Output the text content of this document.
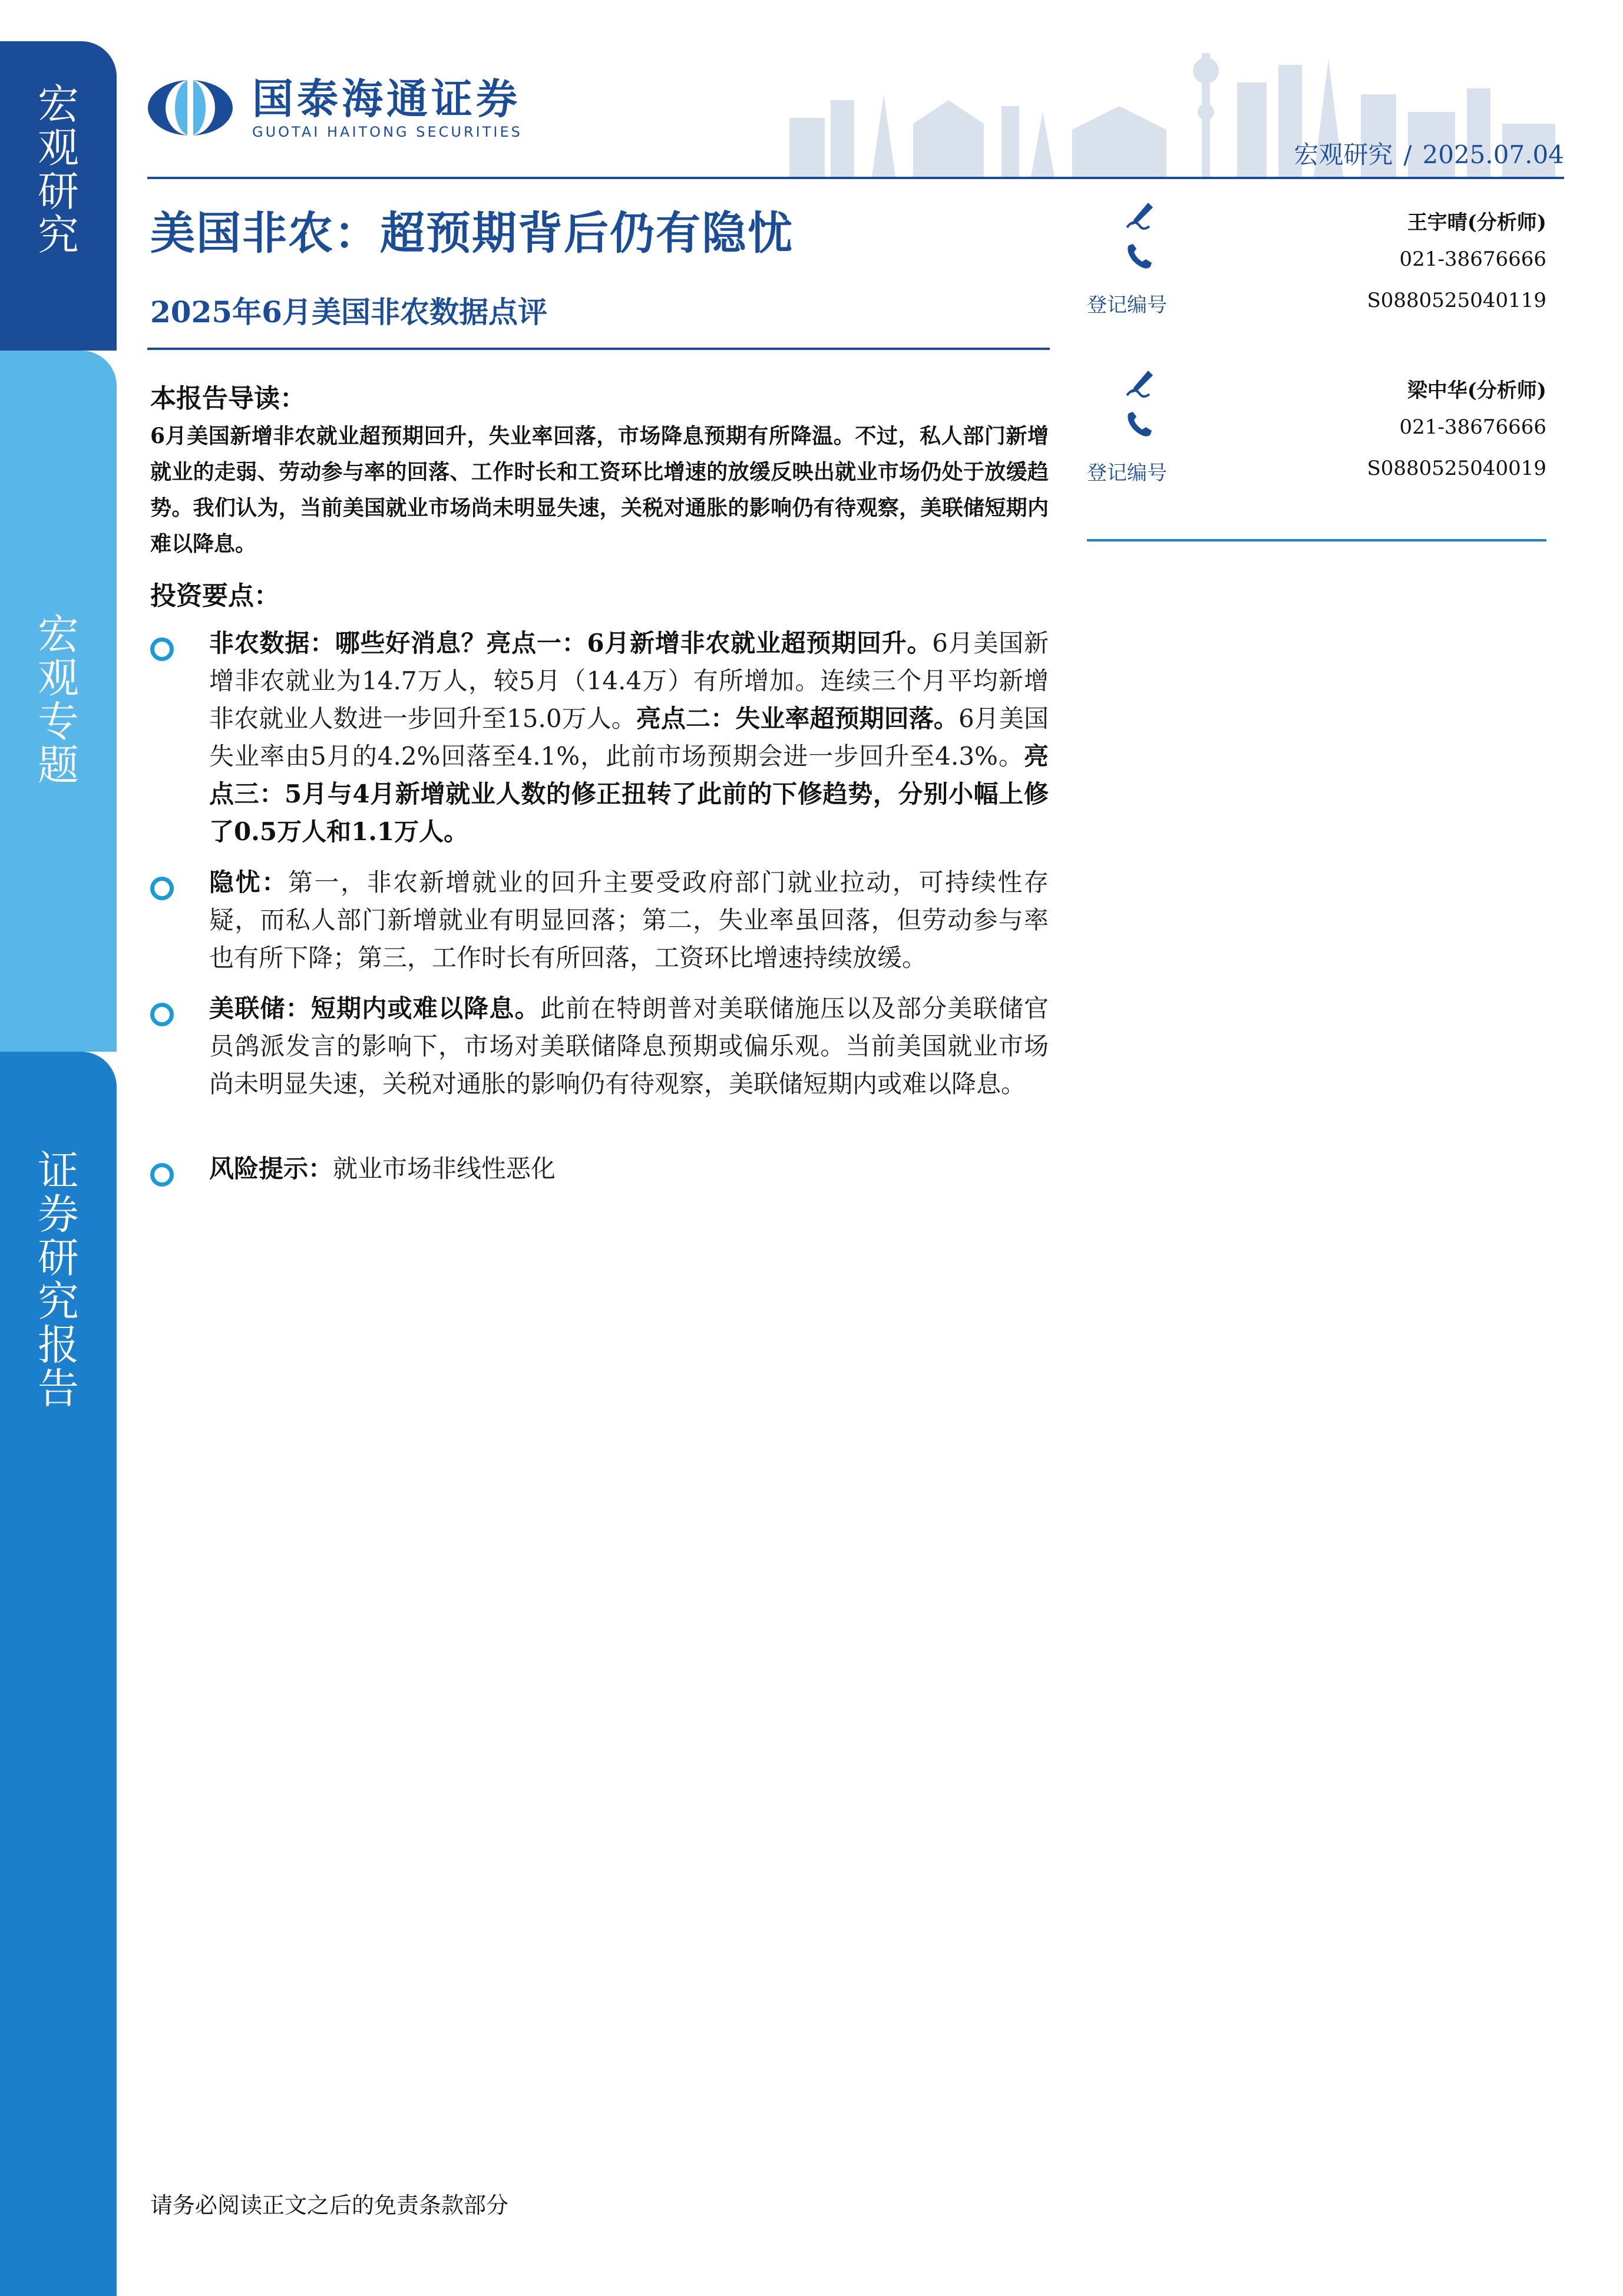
宏
观
研
究
宏
观
专
题
证
券
研
究
报
告
国泰海通证券
GUOTAI HAITONG SECURITIES
宏观研究 / 2025.07.04
美国非农：超预期背后仍有隐忧
2025年6月美国非农数据点评
本报告导读：
6月美国新增非农就业超预期回升，失业率回落，市场降息预期有所降温。不过，私人部门新增就业的走弱、劳动参与率的回落、工作时长和工资环比增速的放缓反映出就业市场仍处于放缓趋势。我们认为，当前美国就业市场尚未明显失速，关税对通胀的影响仍有待观察，美联储短期内难以降息。
投资要点：
非农数据：哪些好消息？亮点一：6月新增非农就业超预期回升。6月美国新增非农就业为14.7万人，较5月（14.4万）有所增加。连续三个月平均新增非农就业人数进一步回升至15.0万人。亮点二：失业率超预期回落。6月美国失业率由5月的4.2%回落至4.1%，此前市场预期会进一步回升至4.3%。亮点三：5月与4月新增就业人数的修正扭转了此前的下修趋势，分别小幅上修了0.5万人和1.1万人。
隐忧：第一，非农新增就业的回升主要受政府部门就业拉动，可持续性存疑，而私人部门新增就业有明显回落；第二，失业率虽回落，但劳动参与率也有所下降；第三，工作时长有所回落，工资环比增速持续放缓。
美联储：短期内或难以降息。此前在特朗普对美联储施压以及部分美联储官员鸽派发言的影响下，市场对美联储降息预期或偏乐观。当前美国就业市场尚未明显失速，关税对通胀的影响仍有待观察，美联储短期内或难以降息。
风险提示：就业市场非线性恶化
王宇晴(分析师)
021-38676666
登记编号	S0880525040119
梁中华(分析师)
021-38676666
登记编号	S0880525040019
请务必阅读正文之后的免责条款部分
